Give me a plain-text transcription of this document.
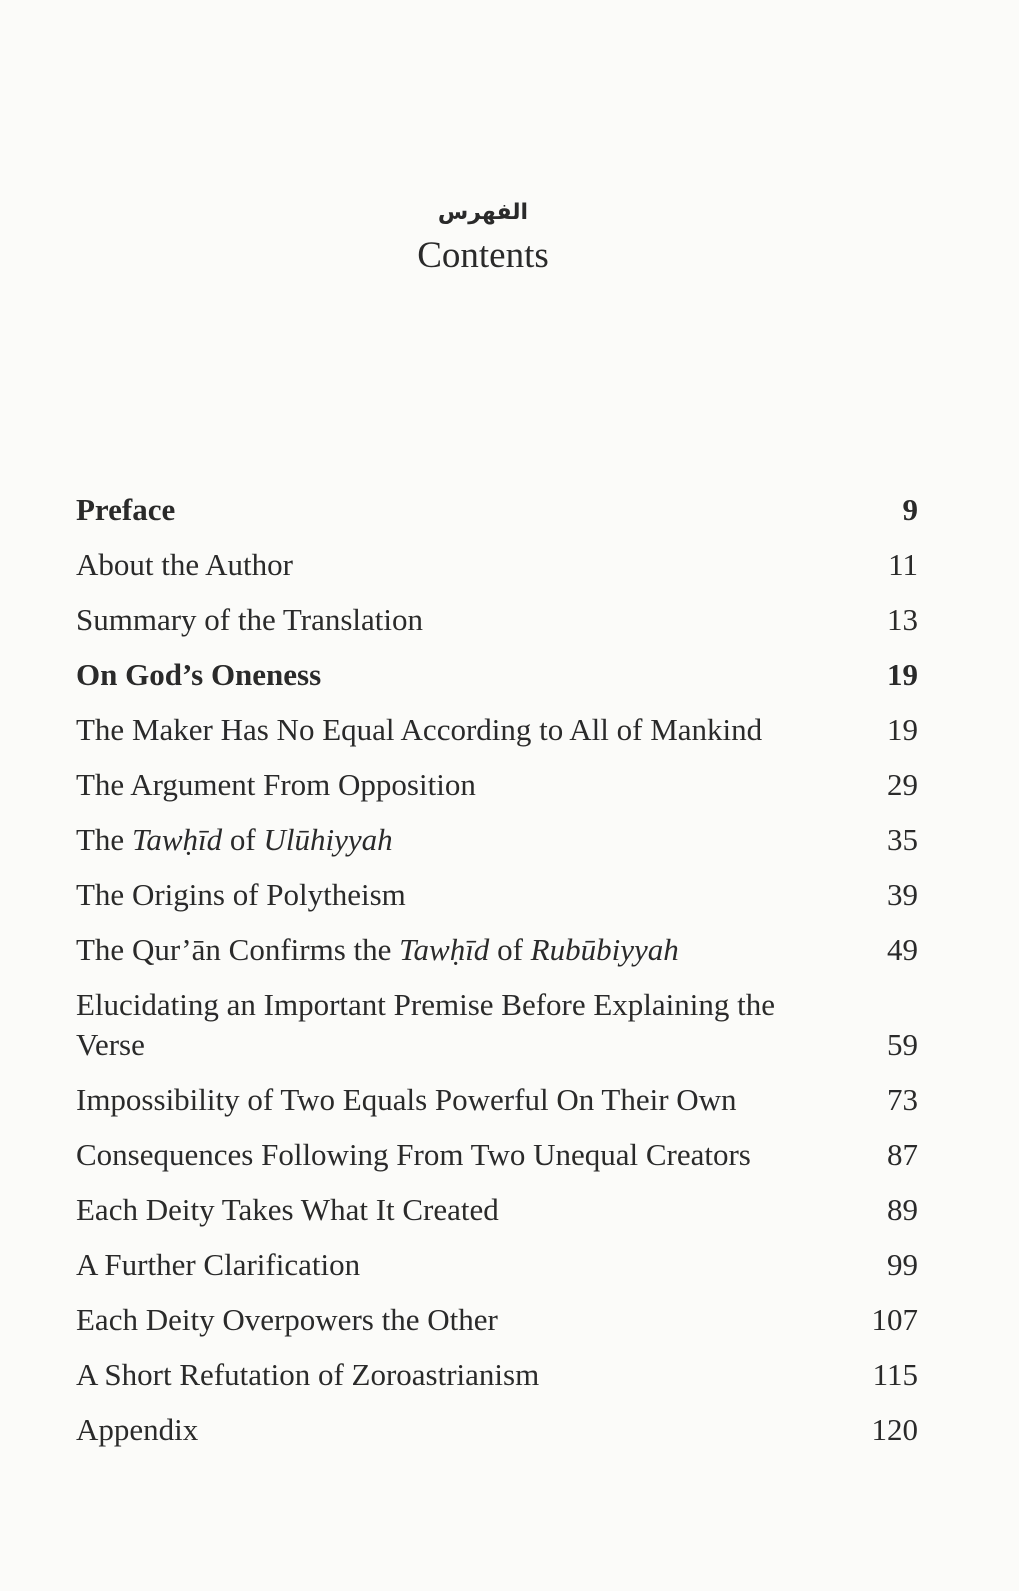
الفهرس
Contents
Preface	9
About the Author	11
Summary of the Translation	13
On God’s Oneness	19
The Maker Has No Equal According to All of Mankind	19
The Argument From Opposition	29
The Tawḥīd of Ulūhiyyah	35
The Origins of Polytheism	39
The Qur’ān Confirms the Tawḥīd of Rubūbiyyah	49
Elucidating an Important Premise Before Explaining the Verse	59
Impossibility of Two Equals Powerful On Their Own	73
Consequences Following From Two Unequal Creators	87
Each Deity Takes What It Created	89
A Further Clarification	99
Each Deity Overpowers the Other	107
A Short Refutation of Zoroastrianism	115
Appendix	120
